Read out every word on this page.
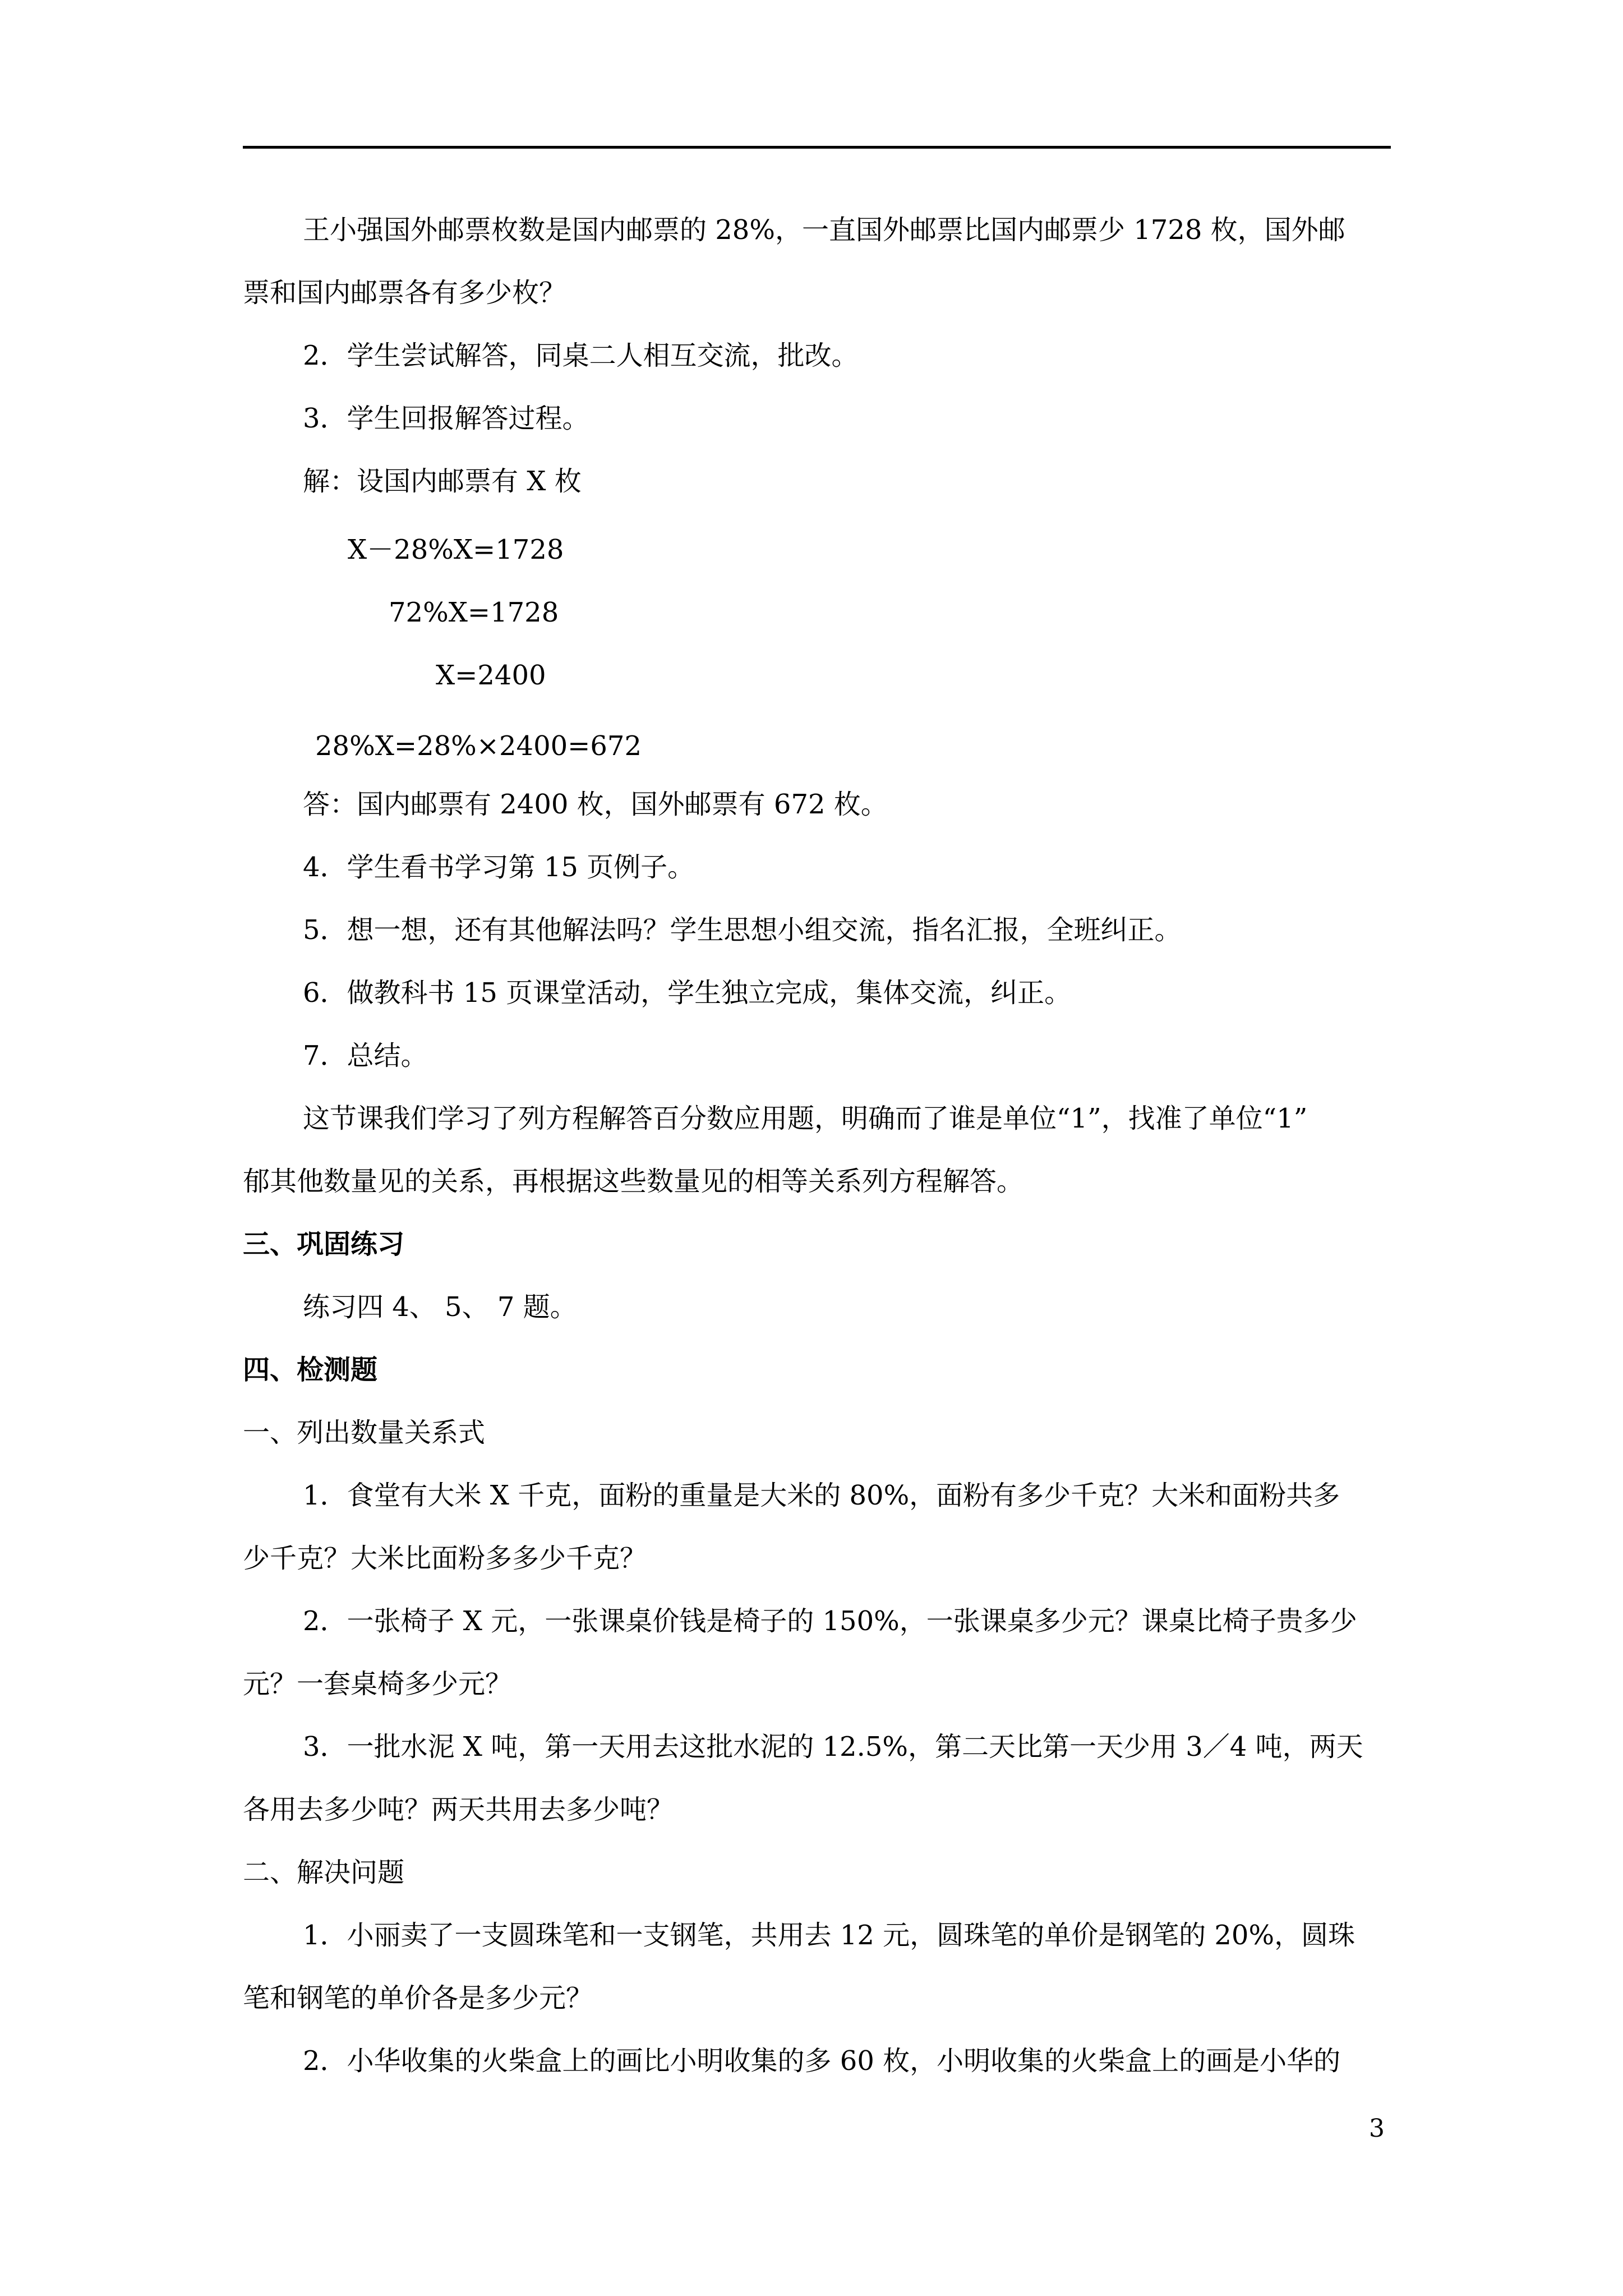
王小强国外邮票枚数是国内邮票的 28%，一直国外邮票比国内邮票少 1728 枚，国外邮
票和国内邮票各有多少枚？
2．学生尝试解答，同桌二人相互交流，批改。
3．学生回报解答过程。
解：设国内邮票有 X 枚
X－28%X=1728
72%X=1728
X=2400
28%X=28%×2400=672
答：国内邮票有 2400 枚，国外邮票有 672 枚。
4．学生看书学习第 15 页例子。
5．想一想，还有其他解法吗？学生思想小组交流，指名汇报，全班纠正。
6．做教科书 15 页课堂活动，学生独立完成，集体交流，纠正。
7．总结。
这节课我们学习了列方程解答百分数应用题，明确而了谁是单位“1”，找准了单位“1”
郁其他数量见的关系，再根据这些数量见的相等关系列方程解答。
三、巩固练习
练习四 4、 5、 7 题。
四、检测题
一、列出数量关系式
1．食堂有大米 X 千克，面粉的重量是大米的 80%，面粉有多少千克？大米和面粉共多
少千克？大米比面粉多多少千克？
2．一张椅子 X 元，一张课桌价钱是椅子的 150%，一张课桌多少元？课桌比椅子贵多少
元？一套桌椅多少元？
3．一批水泥 X 吨，第一天用去这批水泥的 12.5%，第二天比第一天少用 3／4 吨，两天
各用去多少吨？两天共用去多少吨？
二、解决问题
1．小丽卖了一支圆珠笔和一支钢笔，共用去 12 元，圆珠笔的单价是钢笔的 20%，圆珠
笔和钢笔的单价各是多少元？
2．小华收集的火柴盒上的画比小明收集的多 60 枚，小明收集的火柴盒上的画是小华的
3
